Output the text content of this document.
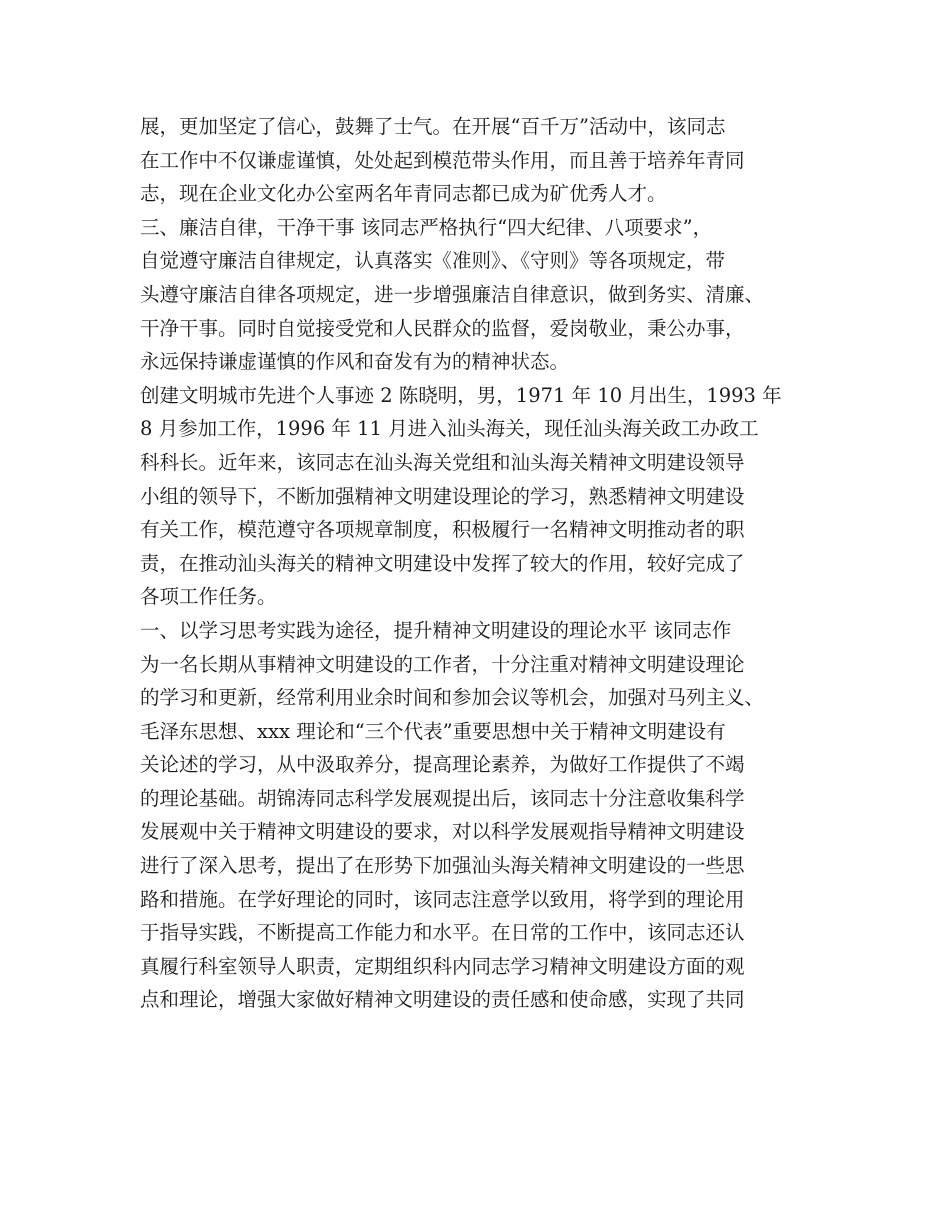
展，更加坚定了信心，鼓舞了士气。在开展“百千万”活动中，该同志
在工作中不仅谦虚谨慎，处处起到模范带头作用，而且善于培养年青同
志，现在企业文化办公室两名年青同志都已成为矿优秀人才。
三、廉洁自律，干净干事 该同志严格执行“四大纪律、八项要求”，
自觉遵守廉洁自律规定，认真落实《准则》、《守则》等各项规定，带
头遵守廉洁自律各项规定，进一步增强廉洁自律意识，做到务实、清廉、
干净干事。同时自觉接受党和人民群众的监督，爱岗敬业，秉公办事，
永远保持谦虚谨慎的作风和奋发有为的精神状态。
创建文明城市先进个人事迹 2 陈晓明，男，1971 年 10 月出生，1993 年
8 月参加工作，1996 年 11 月进入汕头海关，现任汕头海关政工办政工
科科长。近年来，该同志在汕头海关党组和汕头海关精神文明建设领导
小组的领导下，不断加强精神文明建设理论的学习，熟悉精神文明建设
有关工作，模范遵守各项规章制度，积极履行一名精神文明推动者的职
责，在推动汕头海关的精神文明建设中发挥了较大的作用，较好完成了
各项工作任务。
一、以学习思考实践为途径，提升精神文明建设的理论水平 该同志作
为一名长期从事精神文明建设的工作者，十分注重对精神文明建设理论
的学习和更新，经常利用业余时间和参加会议等机会，加强对马列主义、
毛泽东思想、xxx 理论和“三个代表”重要思想中关于精神文明建设有
关论述的学习，从中汲取养分，提高理论素养，为做好工作提供了不竭
的理论基础。胡锦涛同志科学发展观提出后，该同志十分注意收集科学
发展观中关于精神文明建设的要求，对以科学发展观指导精神文明建设
进行了深入思考，提出了在形势下加强汕头海关精神文明建设的一些思
路和措施。在学好理论的同时，该同志注意学以致用，将学到的理论用
于指导实践，不断提高工作能力和水平。在日常的工作中，该同志还认
真履行科室领导人职责，定期组织科内同志学习精神文明建设方面的观
点和理论，增强大家做好精神文明建设的责任感和使命感，实现了共同
